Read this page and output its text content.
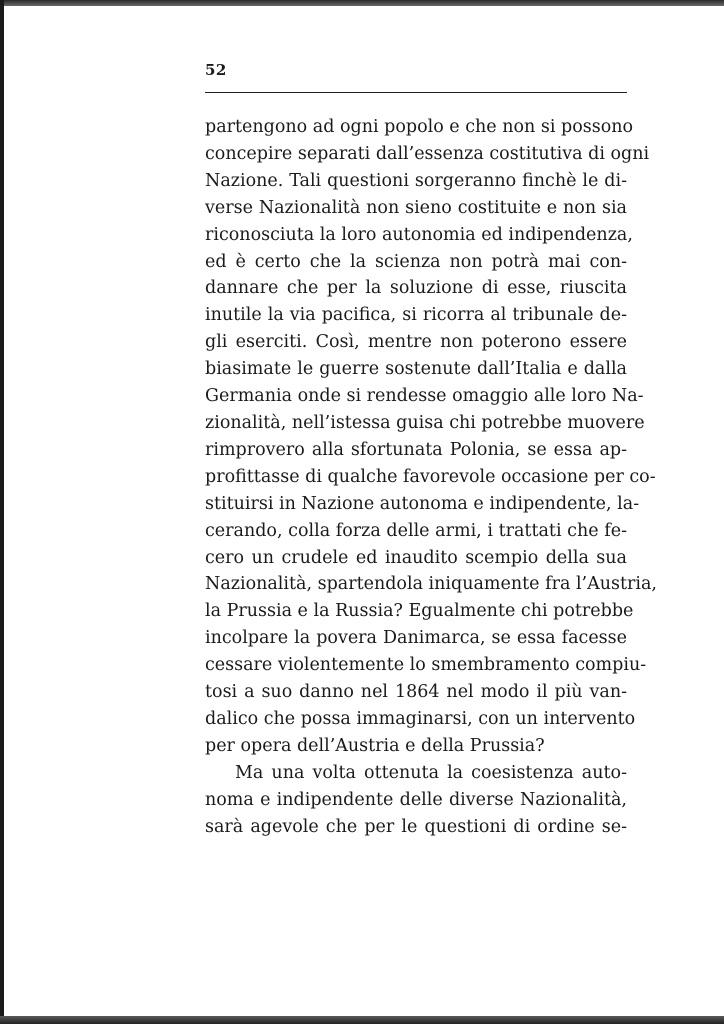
52
partengono ad ogni popolo e che non si possono
concepire separati dall’essenza costitutiva di ogni
Nazione. Tali questioni sorgeranno finchè le di-
verse Nazionalità non sieno costituite e non sia
riconosciuta la loro autonomia ed indipendenza,
ed è certo che la scienza non potrà mai con-
dannare che per la soluzione di esse, riuscita
inutile la via pacifica, si ricorra al tribunale de-
gli eserciti. Così, mentre non poterono essere
biasimate le guerre sostenute dall’Italia e dalla
Germania onde si rendesse omaggio alle loro Na-
zionalità, nell’istessa guisa chi potrebbe muovere
rimprovero alla sfortunata Polonia, se essa ap-
profittasse di qualche favorevole occasione per co-
stituirsi in Nazione autonoma e indipendente, la-
cerando, colla forza delle armi, i trattati che fe-
cero un crudele ed inaudito scempio della sua
Nazionalità, spartendola iniquamente fra l’Austria,
la Prussia e la Russia? Egualmente chi potrebbe
incolpare la povera Danimarca, se essa facesse
cessare violentemente lo smembramento compiu-
tosi a suo danno nel 1864 nel modo il più van-
dalico che possa immaginarsi, con un intervento
per opera dell’Austria e della Prussia?
Ma una volta ottenuta la coesistenza auto-
noma e indipendente delle diverse Nazionalità,
sarà agevole che per le questioni di ordine se-
